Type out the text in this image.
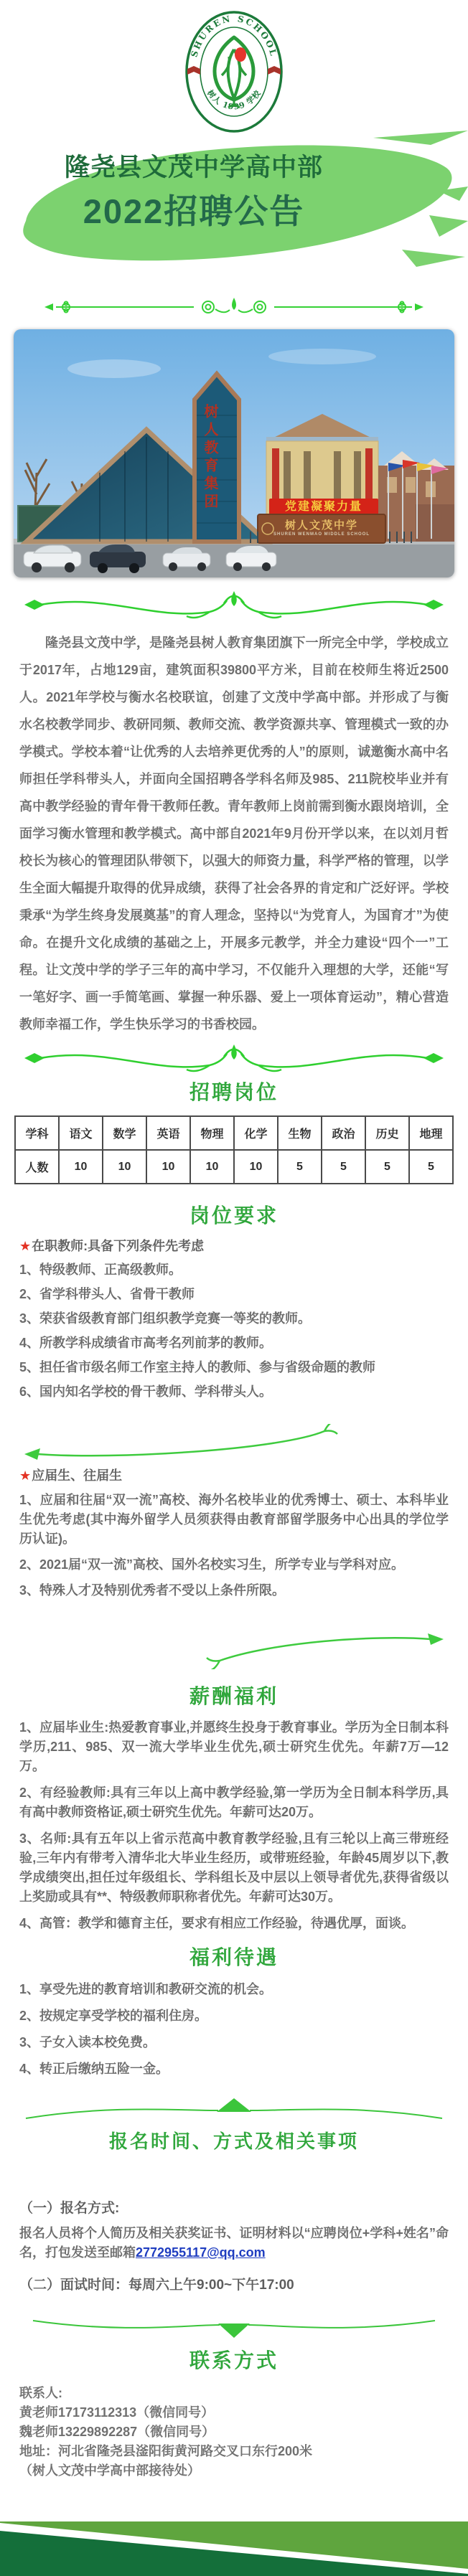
SHUREN SCHOOL
树人 1999 学校
隆尧县文茂中学高中部
2022招聘公告
树人教育集团	党建凝聚力量
树人文茂中学
SHUREN WENMAO MIDDLE SCHOOL

隆尧县文茂中学，是隆尧县树人教育集团旗下一所完全中学，学校成立于2017年，占地129亩，建筑面积39800平方米，目前在校师生将近2500人。2021年学校与衡水名校联谊，创建了文茂中学高中部。并形成了与衡水名校教学同步、教研同频、教师交流、教学资源共享、管理模式一致的办学模式。学校本着“让优秀的人去培养更优秀的人”的原则，诚邀衡水高中名师担任学科带头人，并面向全国招聘各学科名师及985、211院校毕业并有高中教学经验的青年骨干教师任教。青年教师上岗前需到衡水跟岗培训，全面学习衡水管理和教学模式。高中部自2021年9月份开学以来，在以刘月哲校长为核心的管理团队带领下，以强大的师资力量，科学严格的管理，以学生全面大幅提升取得的优异成绩，获得了社会各界的肯定和广泛好评。学校秉承“为学生终身发展奠基”的育人理念，坚持以“为党育人，为国育才”为使命。在提升文化成绩的基础之上，开展多元教学，并全力建设“四个一”工程。让文茂中学的学子三年的高中学习，不仅能升入理想的大学，还能“写一笔好字、画一手简笔画、掌握一种乐器、爱上一项体育运动”，精心营造教师幸福工作，学生快乐学习的书香校园。

招聘岗位
学科	语文	数学	英语	物理	化学	生物	政治	历史	地理
人数	10	10	10	10	10	5	5	5	5
岗位要求
★在职教师:具备下列条件先考虑
1、特级教师、正高级教师。
2、省学科带头人、省骨干教师
3、荣获省级教育部门组织教学竞赛一等奖的教师。
4、所教学科成绩省市高考名列前茅的教师。
5、担任省市级名师工作室主持人的教师、参与省级命题的教师
6、国内知名学校的骨干教师、学科带头人。
★应届生、往届生
1、应届和往届“双一流”高校、海外名校毕业的优秀博士、硕士、本科毕业生优先考虑(其中海外留学人员须获得由教育部留学服务中心出具的学位学历认证)。
2、2021届“双一流”高校、国外名校实习生，所学专业与学科对应。
3、特殊人才及特别优秀者不受以上条件所限。
薪酬福利
1、应届毕业生:热爱教育事业,并愿终生投身于教育事业。学历为全日制本科学历,211、985、双一流大学毕业生优先,硕士研究生优先。年薪7万—12万。
2、有经验教师:具有三年以上高中教学经验,第一学历为全日制本科学历,具有高中教师资格证,硕士研究生优先。年薪可达20万。
3、名师:具有五年以上省示范高中教育教学经验,且有三轮以上高三带班经验,三年内有带考入清华北大毕业生经历，或带班经验，年龄45周岁以下,教学成绩突出,担任过年级组长、学科组长及中层以上领导者优先,获得省级以上奖励或具有**、特级教师职称者优先。年薪可达30万。
4、高管：教学和德育主任，要求有相应工作经验，待遇优厚，面谈。
福利待遇
1、享受先进的教育培训和教研交流的机会。
2、按规定享受学校的福利住房。
3、子女入读本校免费。
4、转正后缴纳五险一金。
报名时间、方式及相关事项
（一）报名方式:
报名人员将个人简历及相关获奖证书、证明材料以“应聘岗位+学科+姓名”命名，打包发送至邮箱2772955117@qq.com
（二）面试时间：每周六上午9:00~下午17:00
联系方式
联系人:
黄老师17173112313（微信同号）
魏老师13229892287（微信同号）
地址：河北省隆尧县滏阳街黄河路交叉口东行200米
（树人文茂中学高中部接待处）
